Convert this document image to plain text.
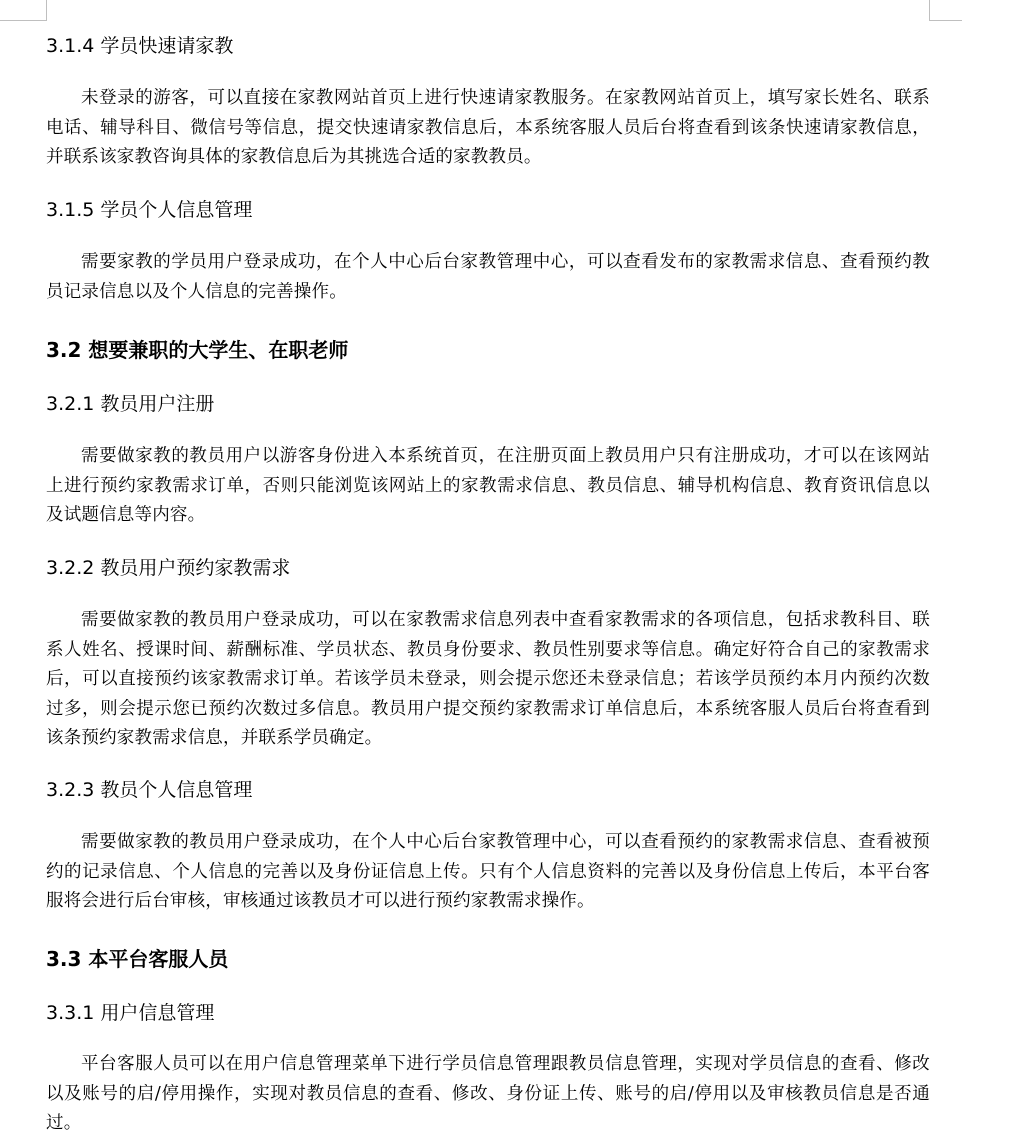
3.1.4 学员快速请家教

未登录的游客，可以直接在家教网站首页上进行快速请家教服务。在家教网站首页上，填写家长姓名、联系电话、辅导科目、微信号等信息，提交快速请家教信息后，本系统客服人员后台将查看到该条快速请家教信息，并联系该家教咨询具体的家教信息后为其挑选合适的家教教员。

3.1.5 学员个人信息管理

需要家教的学员用户登录成功，在个人中心后台家教管理中心，可以查看发布的家教需求信息、查看预约教员记录信息以及个人信息的完善操作。

3.2 想要兼职的大学生、在职老师
3.2.1 教员用户注册

需要做家教的教员用户以游客身份进入本系统首页，在注册页面上教员用户只有注册成功，才可以在该网站上进行预约家教需求订单，否则只能浏览该网站上的家教需求信息、教员信息、辅导机构信息、教育资讯信息以及试题信息等内容。

3.2.2 教员用户预约家教需求

需要做家教的教员用户登录成功，可以在家教需求信息列表中查看家教需求的各项信息，包括求教科目、联系人姓名、授课时间、薪酬标准、学员状态、教员身份要求、教员性别要求等信息。确定好符合自己的家教需求后，可以直接预约该家教需求订单。若该学员未登录，则会提示您还未登录信息；若该学员预约本月内预约次数过多，则会提示您已预约次数过多信息。教员用户提交预约家教需求订单信息后，本系统客服人员后台将查看到该条预约家教需求信息，并联系学员确定。

3.2.3 教员个人信息管理

需要做家教的教员用户登录成功，在个人中心后台家教管理中心，可以查看预约的家教需求信息、查看被预约的记录信息、个人信息的完善以及身份证信息上传。只有个人信息资料的完善以及身份信息上传后，本平台客服将会进行后台审核，审核通过该教员才可以进行预约家教需求操作。

3.3 本平台客服人员
3.3.1 用户信息管理

平台客服人员可以在用户信息管理菜单下进行学员信息管理跟教员信息管理，实现对学员信息的查看、修改以及账号的启/停用操作，实现对教员信息的查看、修改、身份证上传、账号的启/停用以及审核教员信息是否通过。
